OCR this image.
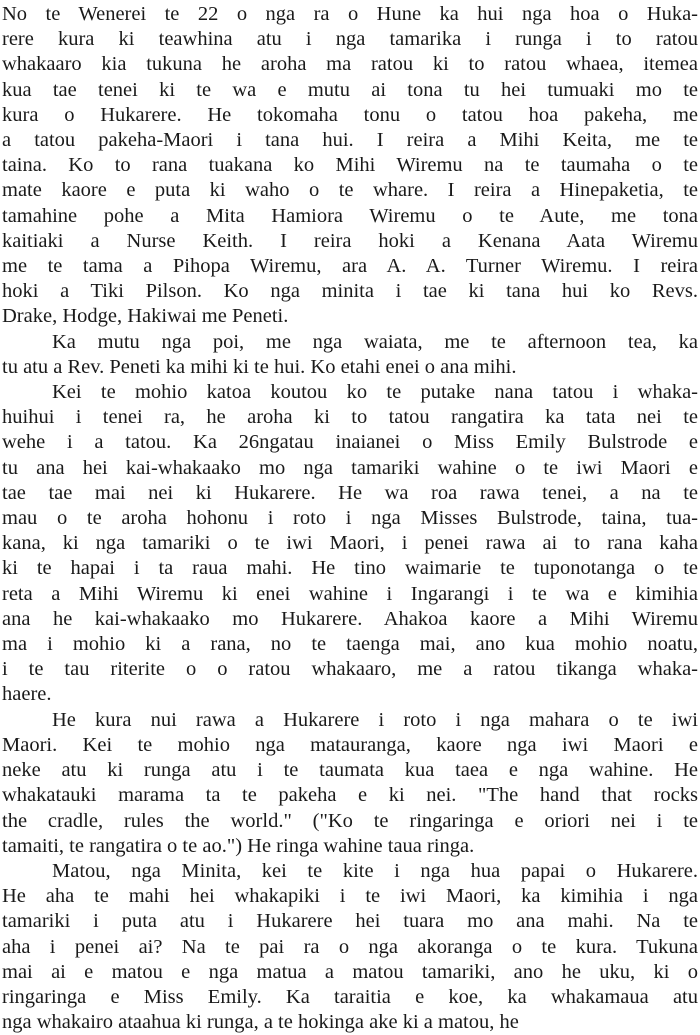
No te Wenerei te 22 o nga ra o Hune ka hui nga hoa o Huka-
rere kura ki teawhina atu i nga tamarika i runga i to ratou
whakaaro kia tukuna he aroha ma ratou ki to ratou whaea, itemea
kua tae tenei ki te wa e mutu ai tona tu hei tumuaki mo te
kura o Hukarere. He tokomaha tonu o tatou hoa pakeha, me
a tatou pakeha-Maori i tana hui. I reira a Mihi Keita, me te
taina. Ko to rana tuakana ko Mihi Wiremu na te taumaha o te
mate kaore e puta ki waho o te whare. I reira a Hinepaketia, te
tamahine pohe a Mita Hamiora Wiremu o te Aute, me tona
kaitiaki a Nurse Keith. I reira hoki a Kenana Aata Wiremu
me te tama a Pihopa Wiremu, ara A. A. Turner Wiremu. I reira
hoki a Tiki Pilson. Ko nga minita i tae ki tana hui ko Revs.
Drake, Hodge, Hakiwai me Peneti.
Ka mutu nga poi, me nga waiata, me te afternoon tea, ka
tu atu a Rev. Peneti ka mihi ki te hui. Ko etahi enei o ana mihi.
Kei te mohio katoa koutou ko te putake nana tatou i whaka-
huihui i tenei ra, he aroha ki to tatou rangatira ka tata nei te
wehe i a tatou. Ka 26ngatau inaianei o Miss Emily Bulstrode e
tu ana hei kai-whakaako mo nga tamariki wahine o te iwi Maori e
tae tae mai nei ki Hukarere. He wa roa rawa tenei, a na te
mau o te aroha hohonu i roto i nga Misses Bulstrode, taina, tua-
kana, ki nga tamariki o te iwi Maori, i penei rawa ai to rana kaha
ki te hapai i ta raua mahi. He tino waimarie te tuponotanga o te
reta a Mihi Wiremu ki enei wahine i Ingarangi i te wa e kimihia
ana he kai-whakaako mo Hukarere. Ahakoa kaore a Mihi Wiremu
ma i mohio ki a rana, no te taenga mai, ano kua mohio noatu,
i te tau riterite o o ratou whakaaro, me a ratou tikanga whaka-
haere.
He kura nui rawa a Hukarere i roto i nga mahara o te iwi
Maori. Kei te mohio nga matauranga, kaore nga iwi Maori e
neke atu ki runga atu i te taumata kua taea e nga wahine. He
whakatauki marama ta te pakeha e ki nei. "The hand that rocks
the cradle, rules the world." ("Ko te ringaringa e oriori nei i te
tamaiti, te rangatira o te ao.") He ringa wahine taua ringa.
Matou, nga Minita, kei te kite i nga hua papai o Hukarere.
He aha te mahi hei whakapiki i te iwi Maori, ka kimihia i nga
tamariki i puta atu i Hukarere hei tuara mo ana mahi. Na te
aha i penei ai? Na te pai ra o nga akoranga o te kura. Tukuna
mai ai e matou e nga matua a matou tamariki, ano he uku, ki o
ringaringa e Miss Emily. Ka taraitia e koe, ka whakamaua atu
nga whakairo ataahua ki runga, a te hokinga ake ki a matou, he
